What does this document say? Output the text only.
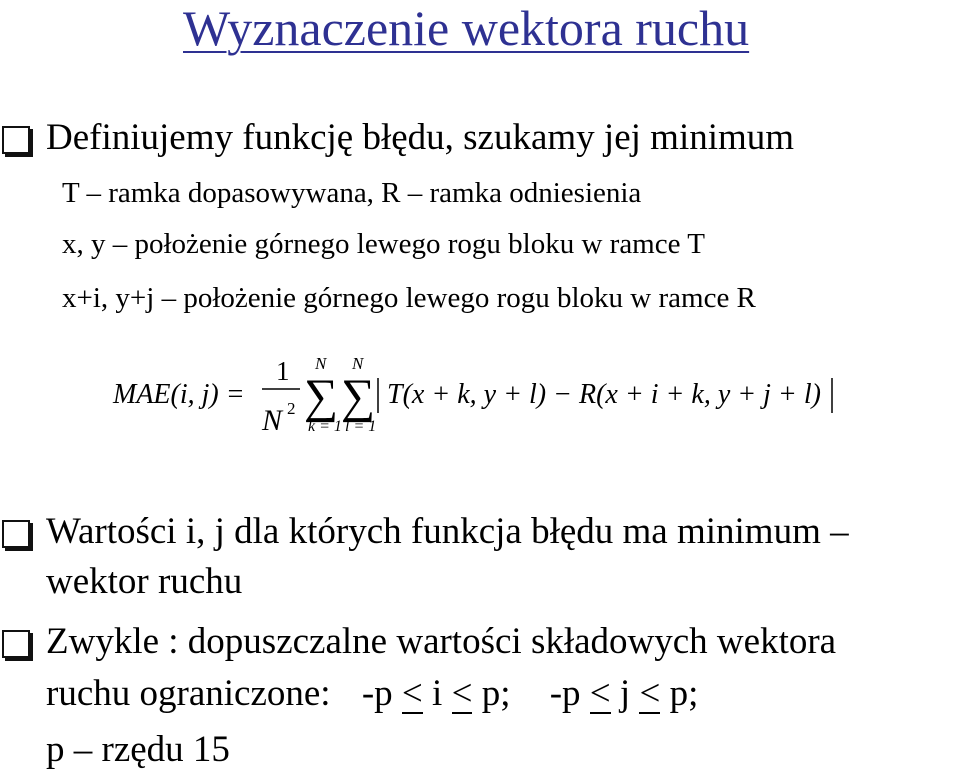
Wyznaczenie wektora ruchu
Definiujemy funkcję błędu, szukamy jej minimum
T – ramka dopasowywana, R – ramka odniesienia
x, y – położenie górnego lewego rogu bloku w ramce T
x+i, y+j – położenie górnego lewego rogu bloku w ramce R
MAE(i, j) =
1
N 2
N
∑
k = 1
N
∑
l = 1
T(x + k, y + l) − R(x + i + k, y + j + l)
Wartości i, j dla których funkcja błędu ma minimum –
wektor ruchu
Zwykle : dopuszczalne wartości składowych wektora
ruchu ograniczone: -p < i < p; -p < j < p;
p – rzędu 15
